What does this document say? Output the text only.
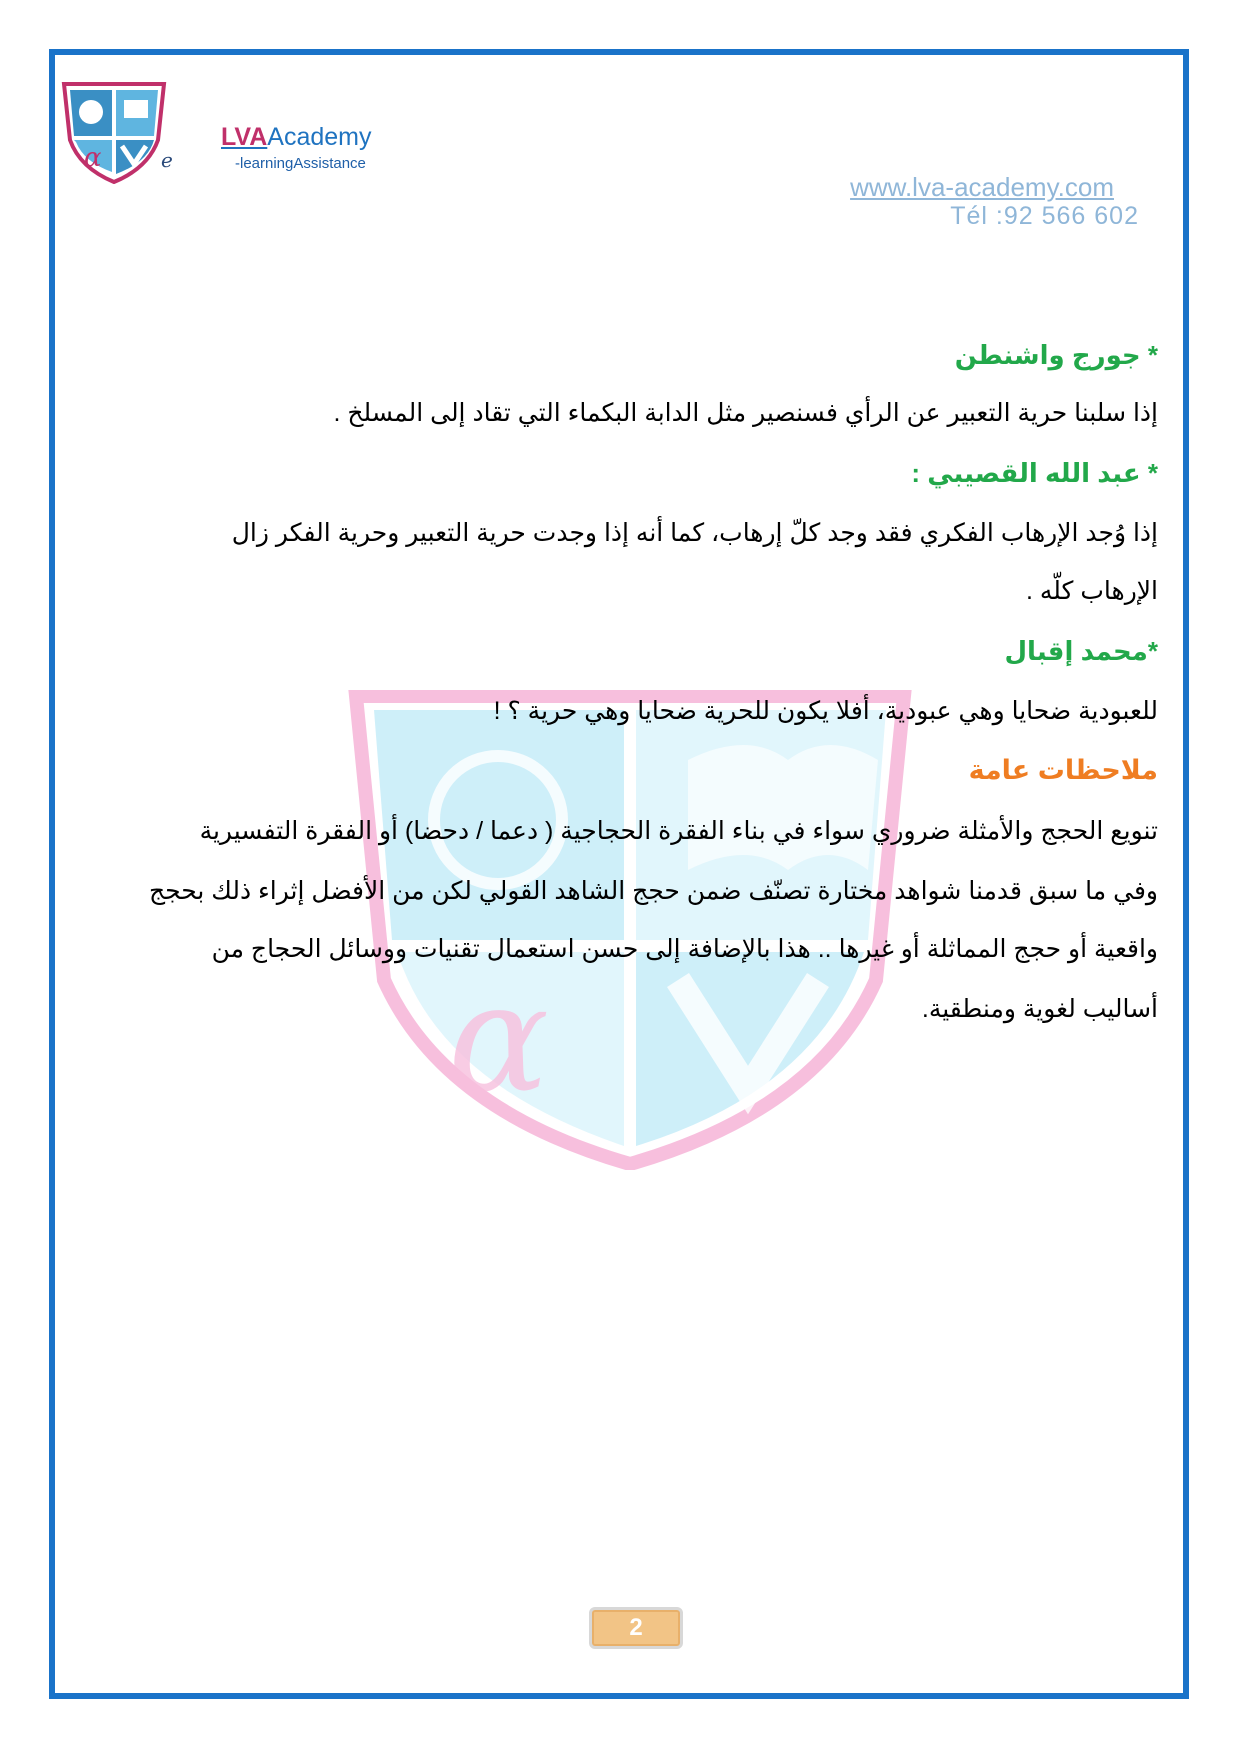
α	e
LVAAcademy
-learningAssistance
www.lva-academy.com
Tél :92 566 602
α
* جورج واشنطن
إذا سلبنا حرية التعبير عن الرأي فسنصير مثل الدابة البكماء التي تقاد إلى المسلخ .
* عبد الله القصيبي :
إذا وُجد الإرهاب الفكري فقد وجد كلّ إرهاب، كما أنه إذا وجدت حرية التعبير وحرية الفكر زال
الإرهاب كلّه .
*محمد إقبال
للعبودية ضحايا وهي عبودية، أفلا يكون للحرية ضحايا وهي حرية ؟ !
ملاحظات عامة
تنويع الحجج والأمثلة ضروري سواء في بناء الفقرة الحجاجية ( دعما / دحضا) أو الفقرة التفسيرية
وفي ما سبق قدمنا شواهد مختارة تصنّف ضمن حجج الشاهد القولي لكن من الأفضل إثراء ذلك بحجج
واقعية أو حجج المماثلة أو غيرها .. هذا بالإضافة إلى حسن استعمال تقنيات ووسائل الحجاج من
أساليب لغوية ومنطقية.
2
